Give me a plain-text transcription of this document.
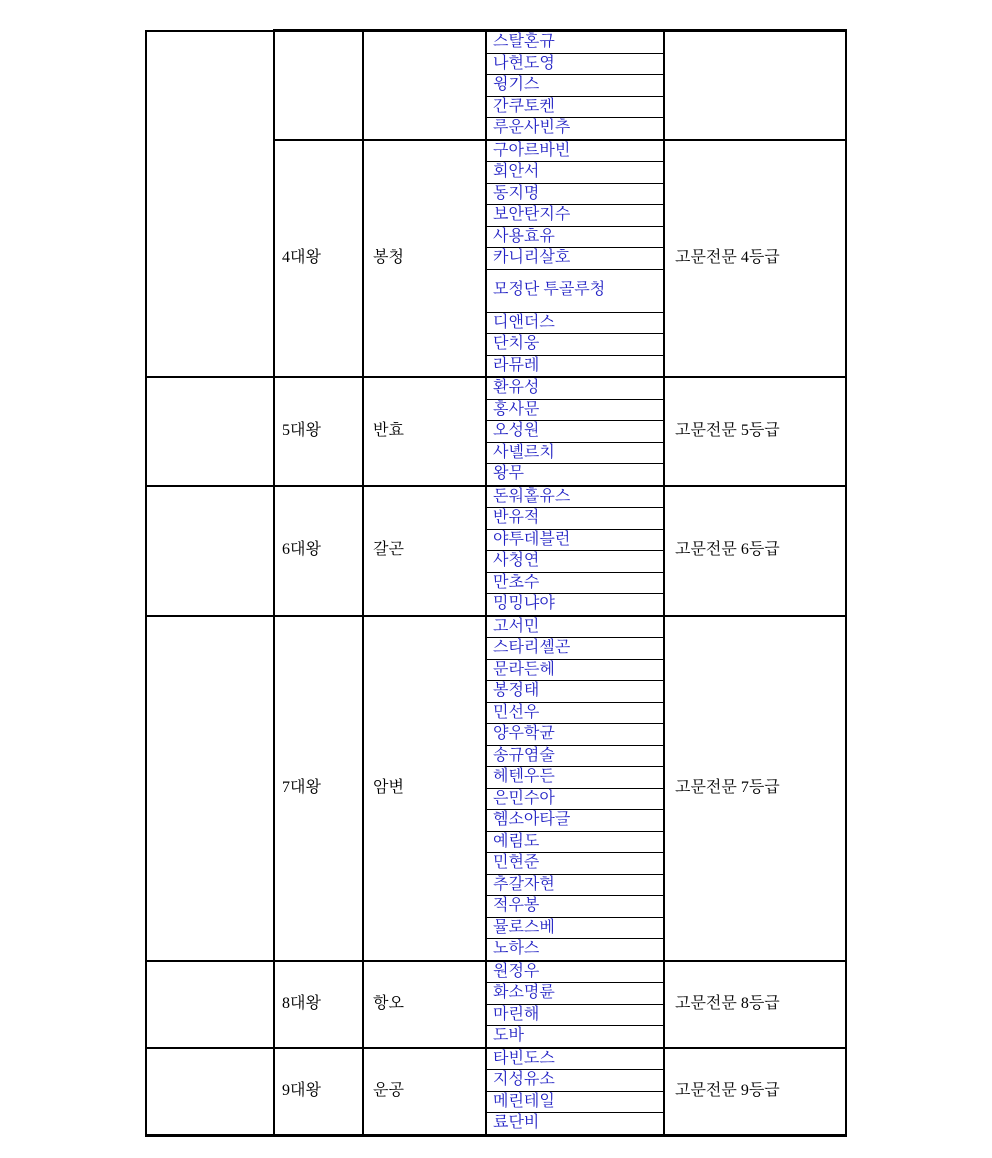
			스탈혼규	
			나현도영	
			윙기스	
			간쿠토켄	
			루운사빈추	
	4대왕	봉청	구아르바빈	고문전문 4등급
			회안서	
			동지명	
			보안탄지수	
			사용효유	
			카니리살호	
			모정단 투골루청	
			디앤더스	
			단치웅	
			라뮤레	
	5대왕	반효	환유성	고문전문 5등급
			홍사문	
			오성원	
			사녤르치	
			왕무	
	6대왕	갈곤	돈워홀유스	고문전문 6등급
			반유적	
			야투데블런	
			사청연	
			만초수	
			밍밍냐야	
	7대왕	암변	고서민	고문전문 7등급
			스타리셸곤	
			문라든헤	
			봉정태	
			민선우	
			양우학균	
			송규염술	
			헤텐우든	
			은민수아	
			헴소아타글	
			예림도	
			민현준	
			추갈자현	
			적우봉	
			뮬로스베	
			노하스	
	8대왕	항오	원정우	고문전문 8등급
			화소명륜	
			마린해	
			도바	
	9대왕	운공	타빈도스	고문전문 9등급
			지성유소	
			메린테일	
			료단비	
